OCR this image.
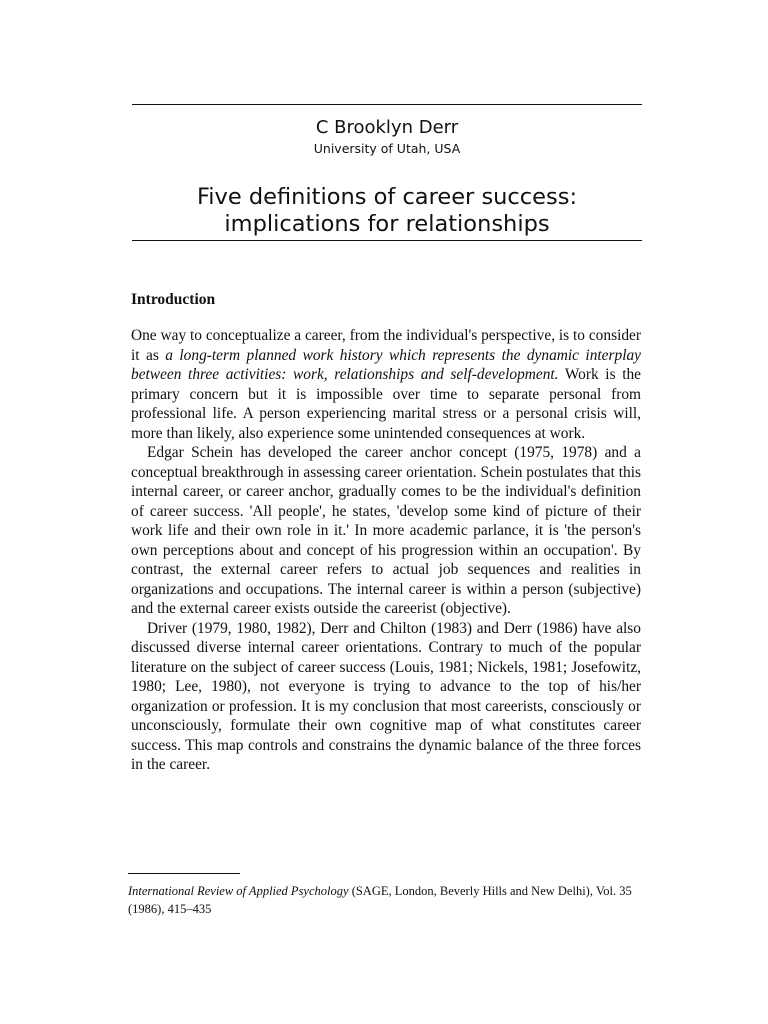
C Brooklyn Derr
University of Utah, USA
Five definitions of career success:
implications for relationships
Introduction

One way to conceptualize a career, from the individual's perspective, is to consider it as a long-term planned work history which represents the dynamic interplay between three activities: work, relationships and self-development. Work is the primary concern but it is impossible over time to separate personal from professional life. A person experiencing marital stress or a personal crisis will, more than likely, also experience some unintended consequences at work.

Edgar Schein has developed the career anchor concept (1975, 1978) and a conceptual breakthrough in assessing career orientation. Schein postulates that this internal career, or career anchor, gradually comes to be the individual's definition of career success. 'All people', he states, 'develop some kind of picture of their work life and their own role in it.' In more academic parlance, it is 'the person's own perceptions about and concept of his progression within an occupation'. By contrast, the external career refers to actual job sequences and realities in organizations and occupations. The internal career is within a person (subjective) and the external career exists outside the careerist (objective).

Driver (1979, 1980, 1982), Derr and Chilton (1983) and Derr (1986) have also discussed diverse internal career orientations. Contrary to much of the popular literature on the subject of career success (Louis, 1981; Nickels, 1981; Josefowitz, 1980; Lee, 1980), not everyone is trying to advance to the top of his/her organization or profession. It is my conclusion that most careerists, consciously or unconsciously, formulate their own cognitive map of what constitutes career success. This map controls and constrains the dynamic balance of the three forces in the career.

International Review of Applied Psychology (SAGE, London, Beverly Hills and New Delhi), Vol. 35 (1986), 415–435
